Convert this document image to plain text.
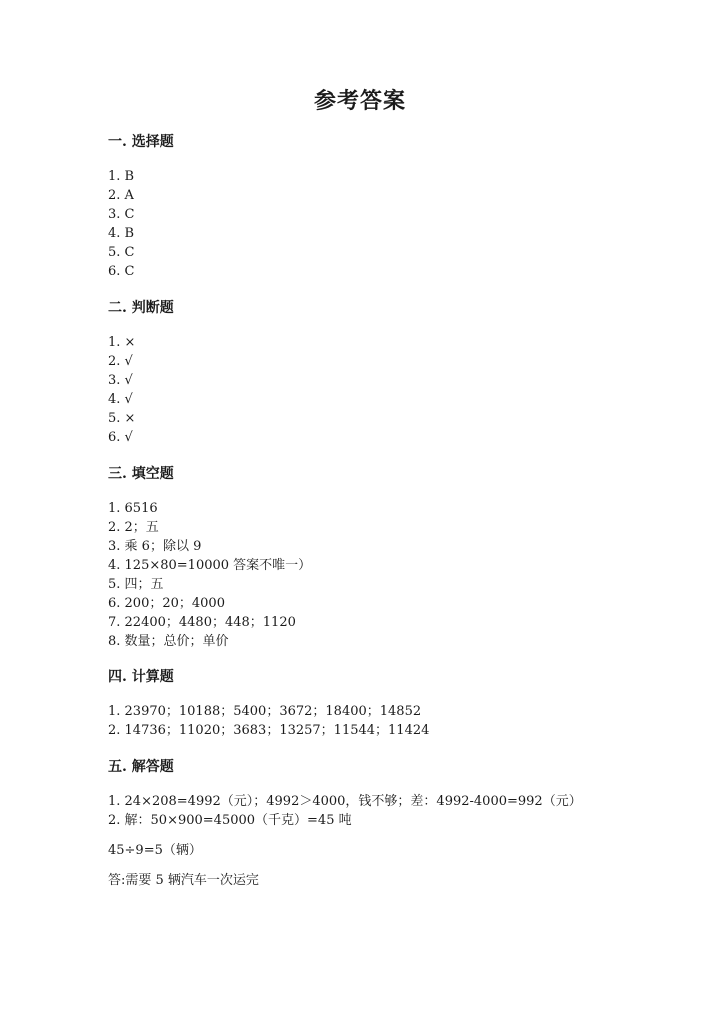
参考答案
一. 选择题
1. B
2. A
3. C
4. B
5. C
6. C
二. 判断题
1. ×
2. √
3. √
4. √
5. ×
6. √
三. 填空题
1. 6516
2. 2；五
3. 乘 6；除以 9
4. 125×80=10000 答案不唯一）
5. 四；五
6. 200；20；4000
7. 22400；4480；448；1120
8. 数量；总价；单价
四. 计算题
1. 23970；10188；5400；3672；18400；14852
2. 14736；11020；3683；13257；11544；11424
五. 解答题
1. 24×208=4992（元）；4992＞4000，钱不够；差：4992-4000=992（元）
2. 解：50×900=45000（千克）=45 吨
45÷9=5（辆）
答:需要 5 辆汽车一次运完
